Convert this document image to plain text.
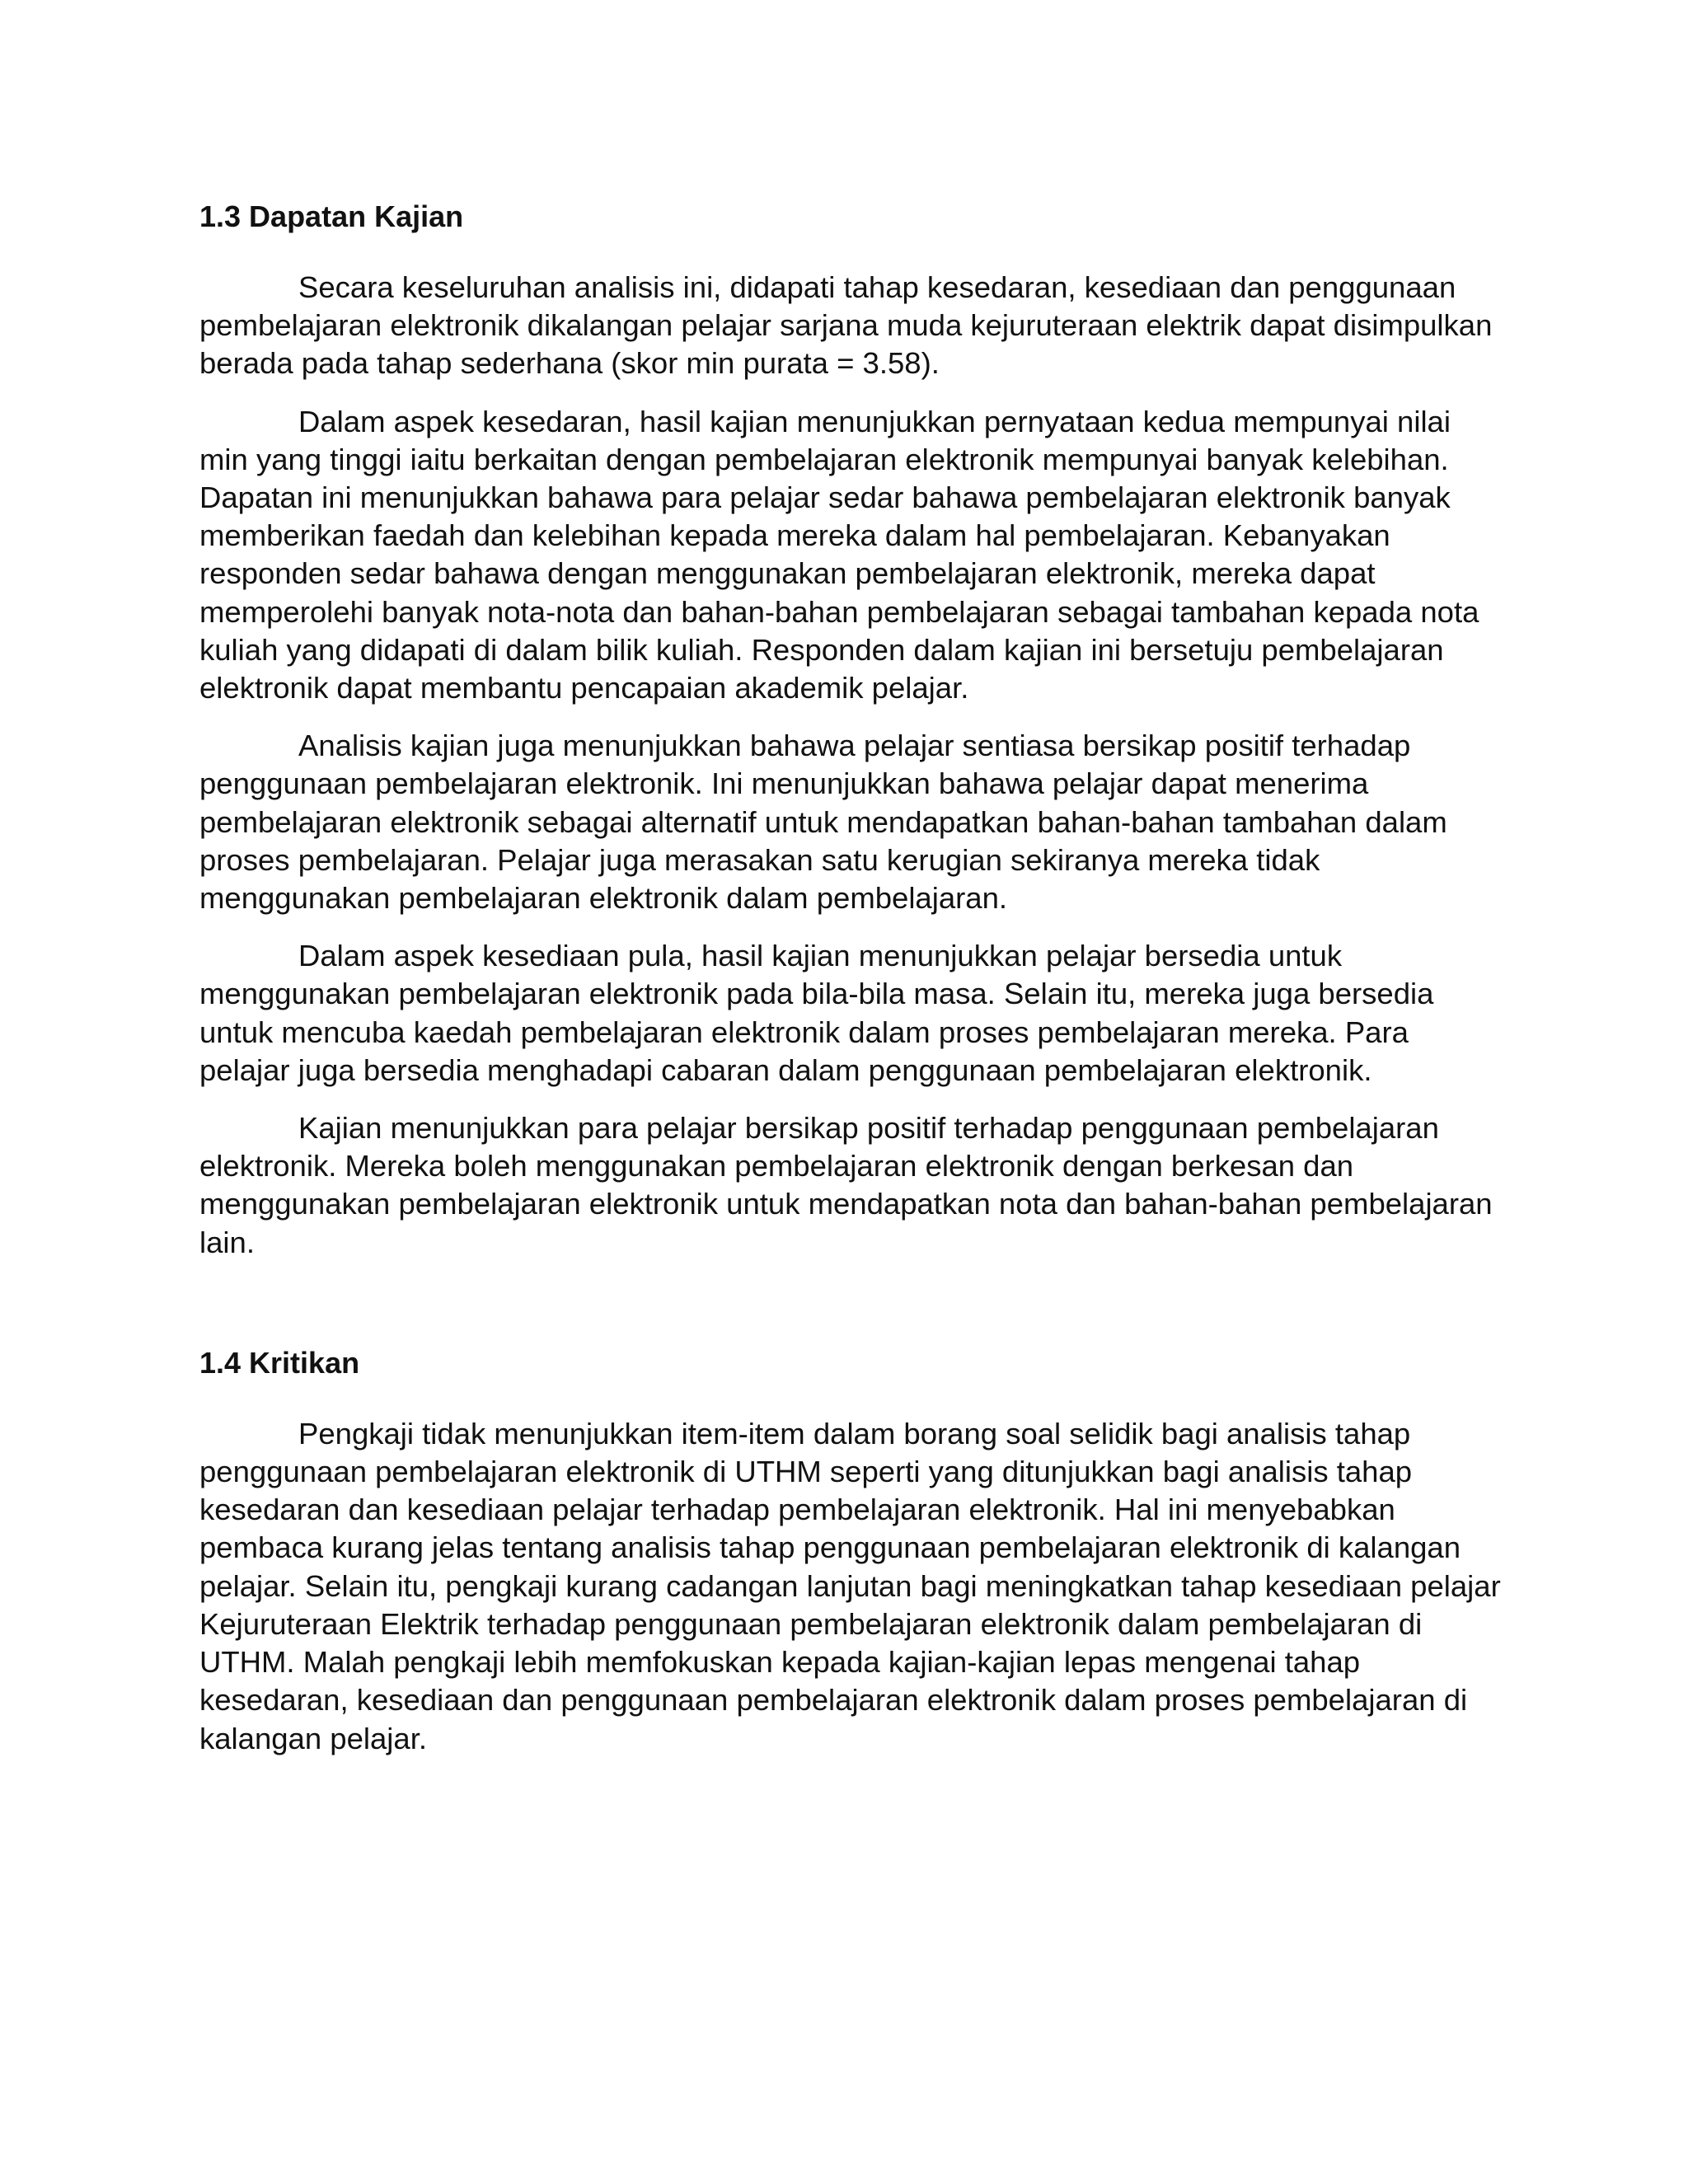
1.3 Dapatan Kajian

Secara keseluruhan analisis ini, didapati tahap kesedaran, kesediaan dan penggunaan pembelajaran elektronik dikalangan pelajar sarjana muda kejuruteraan elektrik dapat disimpulkan berada pada tahap sederhana (skor min purata = 3.58).

Dalam aspek kesedaran, hasil kajian menunjukkan pernyataan kedua mempunyai nilai min yang tinggi iaitu berkaitan dengan pembelajaran elektronik mempunyai banyak kelebihan. Dapatan ini menunjukkan bahawa para pelajar sedar bahawa pembelajaran elektronik banyak memberikan faedah dan kelebihan kepada mereka dalam hal pembelajaran. Kebanyakan responden sedar bahawa dengan menggunakan pembelajaran elektronik, mereka dapat memperolehi banyak nota-nota dan bahan-bahan pembelajaran sebagai tambahan kepada nota kuliah yang didapati di dalam bilik kuliah. Responden dalam kajian ini bersetuju pembelajaran elektronik dapat membantu pencapaian akademik pelajar.

Analisis kajian juga menunjukkan bahawa pelajar sentiasa bersikap positif terhadap penggunaan pembelajaran elektronik. Ini menunjukkan bahawa pelajar dapat menerima pembelajaran elektronik sebagai alternatif untuk mendapatkan bahan-bahan tambahan dalam proses pembelajaran. Pelajar juga merasakan satu kerugian sekiranya mereka tidak menggunakan pembelajaran elektronik dalam pembelajaran.

Dalam aspek kesediaan pula, hasil kajian menunjukkan pelajar bersedia untuk menggunakan pembelajaran elektronik pada bila-bila masa. Selain itu, mereka juga bersedia untuk mencuba kaedah pembelajaran elektronik dalam proses pembelajaran mereka. Para pelajar juga bersedia menghadapi cabaran dalam penggunaan pembelajaran elektronik.

Kajian menunjukkan para pelajar bersikap positif terhadap penggunaan pembelajaran elektronik. Mereka boleh menggunakan pembelajaran elektronik dengan berkesan dan menggunakan pembelajaran elektronik untuk mendapatkan nota dan bahan-bahan pembelajaran lain.

1.4 Kritikan

Pengkaji tidak menunjukkan item-item dalam borang soal selidik bagi analisis tahap penggunaan pembelajaran elektronik di UTHM seperti yang ditunjukkan bagi analisis tahap kesedaran dan kesediaan pelajar terhadap pembelajaran elektronik. Hal ini menyebabkan pembaca kurang jelas tentang analisis tahap penggunaan pembelajaran elektronik di kalangan pelajar. Selain itu, pengkaji kurang cadangan lanjutan bagi meningkatkan tahap kesediaan pelajar Kejuruteraan Elektrik terhadap penggunaan pembelajaran elektronik dalam pembelajaran di UTHM. Malah pengkaji lebih memfokuskan kepada kajian-kajian lepas mengenai tahap kesedaran, kesediaan dan penggunaan pembelajaran elektronik dalam proses pembelajaran di kalangan pelajar.
